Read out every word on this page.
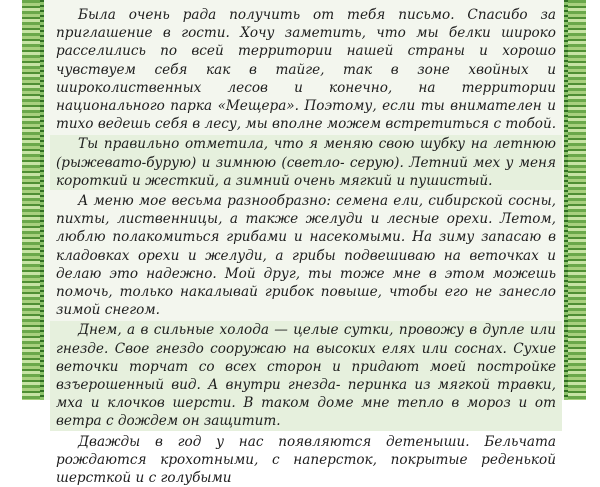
Была очень рада получить от тебя письмо. Спасибо за приглашение в гости. Хочу заметить, что мы белки широко расселились по всей территории нашей страны и хорошо чувствуем себя как в тайге, так в зоне хвойных и широколиственных лесов и конечно, на территории национального парка «Мещера». Поэтому, если ты внимателен и тихо ведешь себя в лесу, мы вполне можем встретиться с тобой.

Ты правильно отметила, что я меняю свою шубку на летнюю (рыжевато-бурую) и зимнюю (светло- серую). Летний мех у меня короткий и жесткий, а зимний очень мягкий и пушистый.

А меню мое весьма разнообразно: семена ели, сибирской сосны, пихты, лиственницы, а также желуди и лесные орехи. Летом, люблю полакомиться грибами и насекомыми. На зиму запасаю в кладовках орехи и желуди, а грибы подвешиваю на веточках и делаю это надежно. Мой друг, ты тоже мне в этом можешь помочь, только накалывай грибок повыше, чтобы его не занесло зимой снегом.

Днем, а в сильные холода — целые сутки, провожу в дупле или гнезде. Свое гнездо сооружаю на высоких елях или соснах. Сухие веточки торчат со всех сторон и придают моей постройке взъерошенный вид. А внутри гнезда- перинка из мягкой травки, мха и клочков шерсти. В таком доме мне тепло в мороз и от ветра с дождем он защитит.

Дважды в год у нас появляются детеныши. Бельчата рождаются крохотными, с наперсток, покрытые реденькой шерсткой и с голубыми
